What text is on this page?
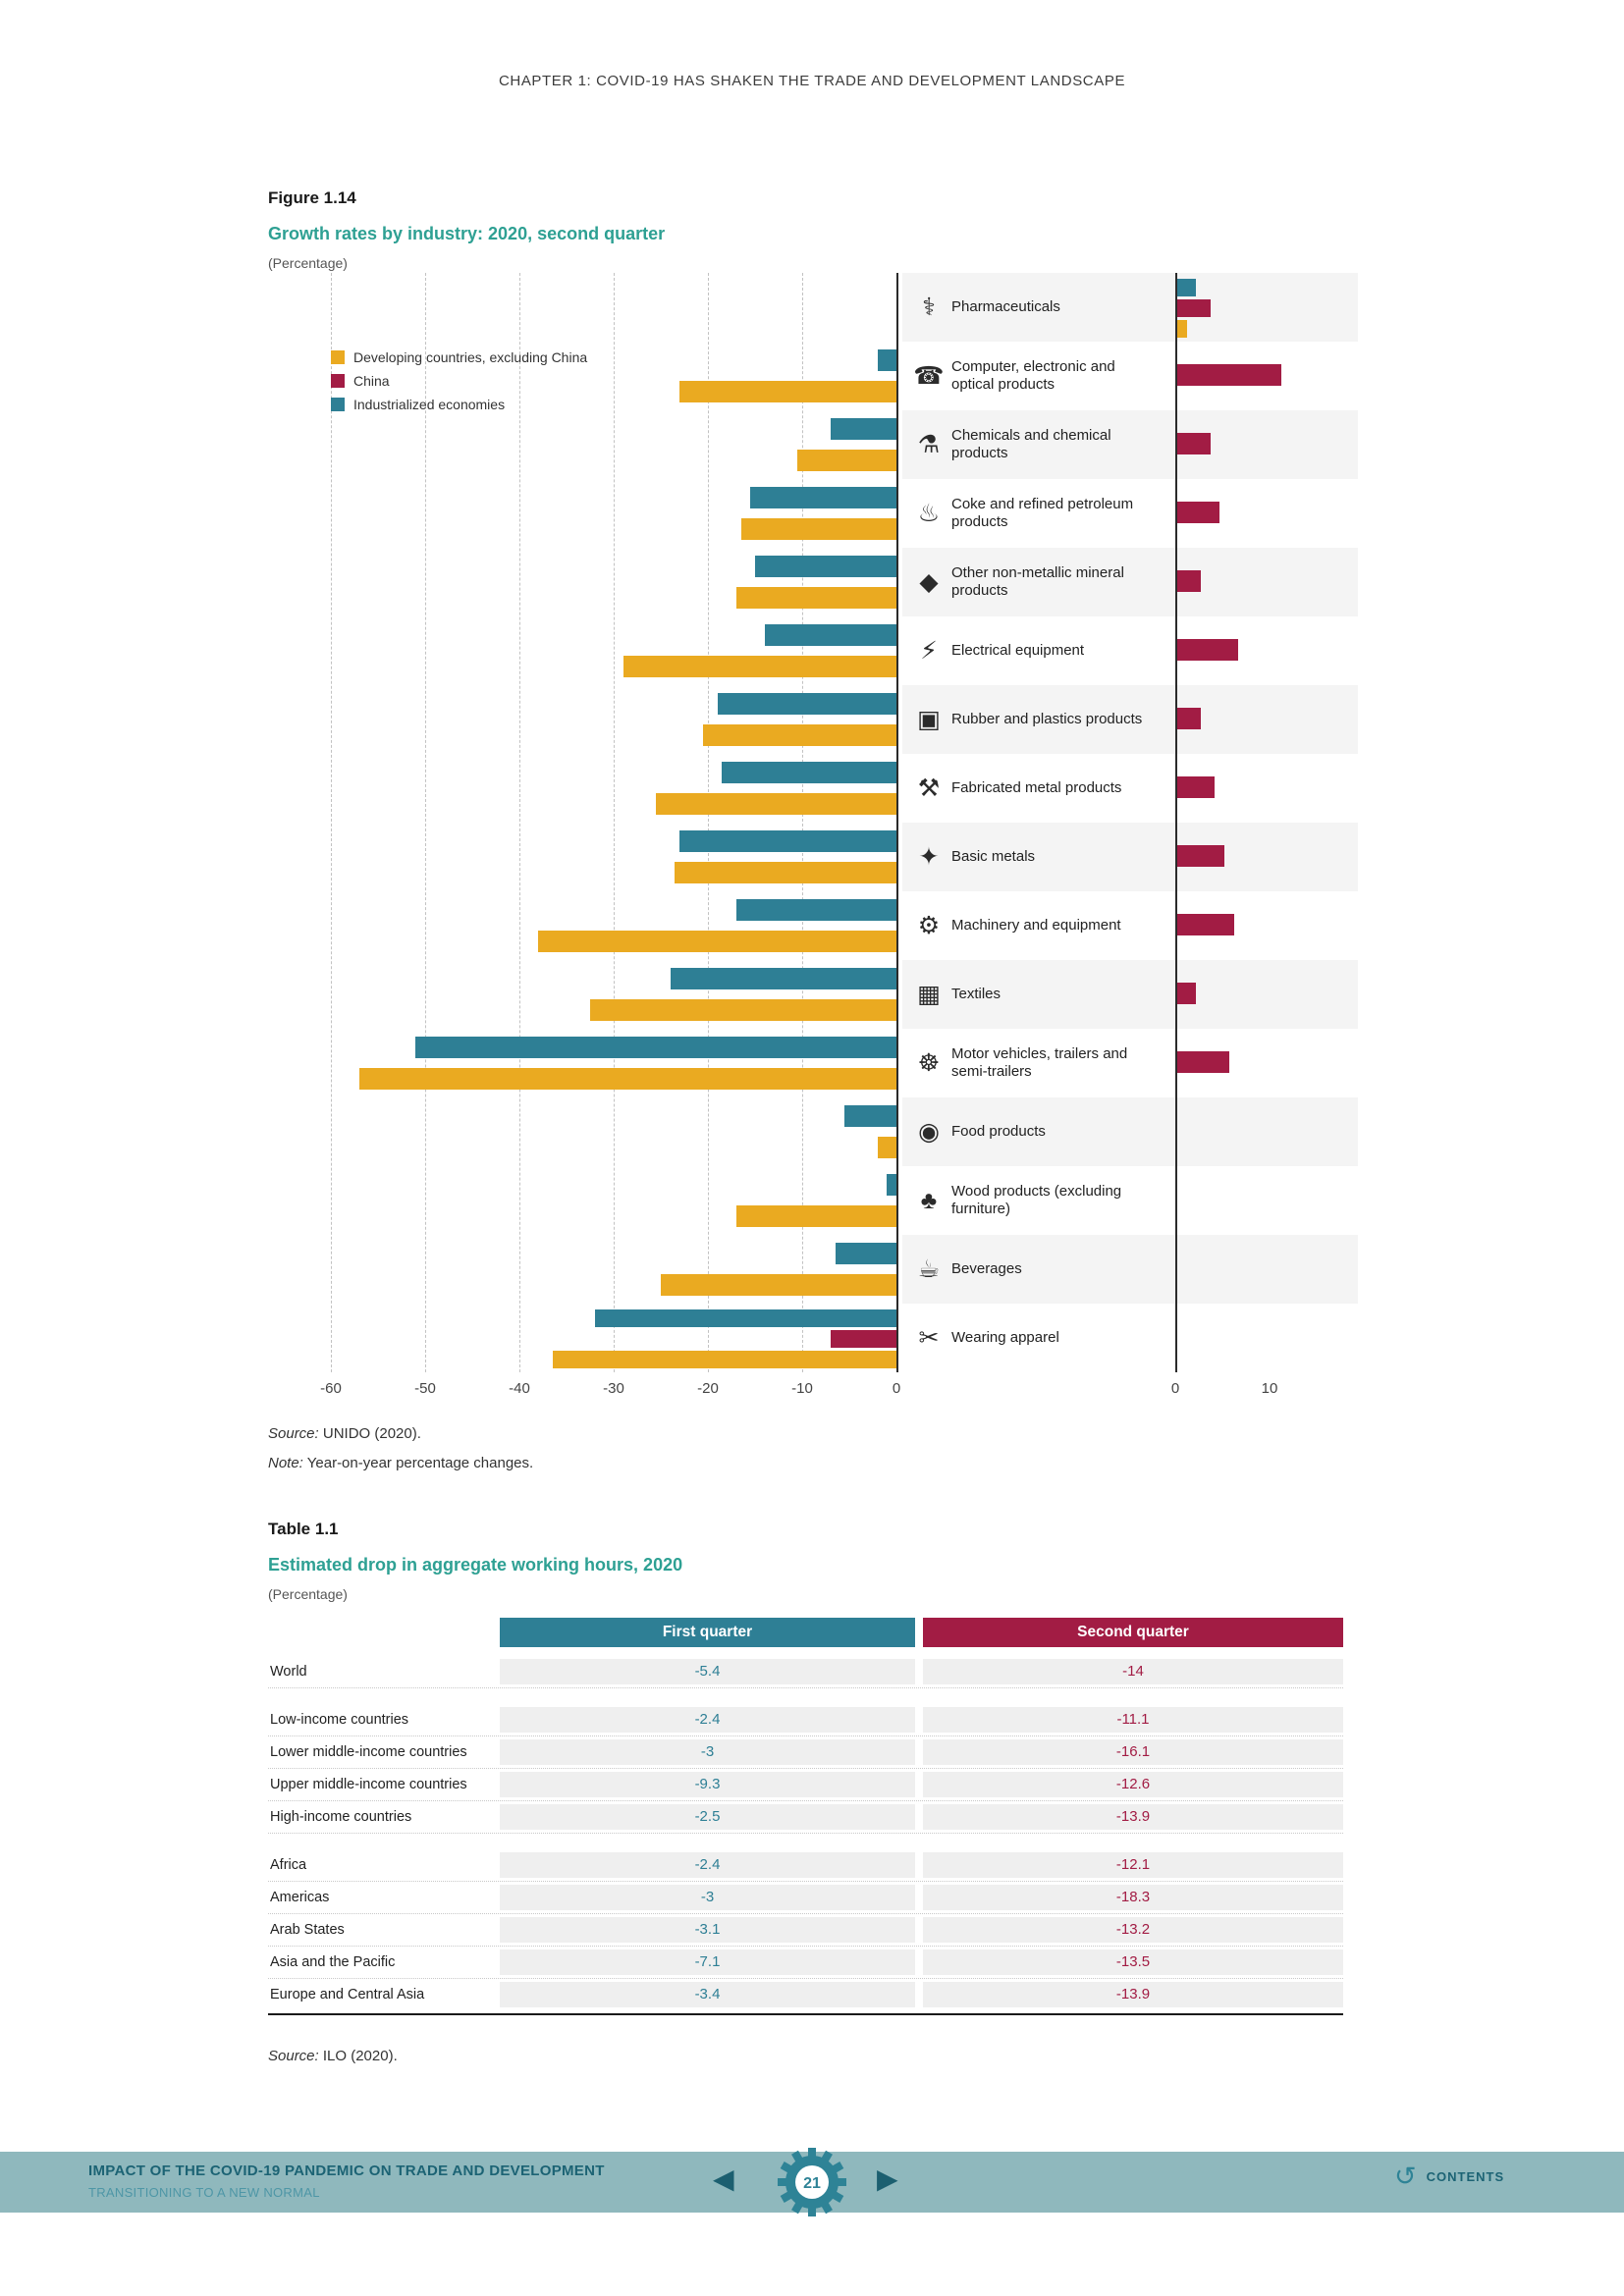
CHAPTER 1: COVID-19 HAS SHAKEN THE TRADE AND DEVELOPMENT LANDSCAPE
Figure 1.14
Growth rates by industry: 2020, second quarter
(Percentage)
Developing countries, excluding China
China
Industrialized economies
⚕	Pharmaceuticals
☎ Computer, electronic and optical products
⚗ Chemicals and chemical products
♨ Coke and refined petroleum products
◆ Other non-metallic mineral products
⚡ Electrical equipment
▣ Rubber and plastics products
⚒ Fabricated metal products
✦ Basic metals
⚙ Machinery and equipment
▦ Textiles
☸ Motor vehicles, trailers and semi-trailers
◉ Food products
♣ Wood products (excluding furniture)
☕ Beverages
✂ Wearing apparel
-60	-50	-40	-30	-20	-10	0	0	10
Source: UNIDO (2020).
Note: Year-on-year percentage changes.
Table 1.1
Estimated drop in aggregate working hours, 2020
(Percentage)
First quarter	Second quarter
World	-5.4	-14
Low-income countries	-2.4	-11.1
Lower middle-income countries	-3	-16.1
Upper middle-income countries	-9.3	-12.6
High-income countries	-2.5	-13.9
Africa	-2.4	-12.1
Americas	-3	-18.3
Arab States	-3.1	-13.2
Asia and the Pacific	-7.1	-13.5
Europe and Central Asia	-3.4	-13.9
Source: ILO (2020).
IMPACT OF THE COVID-19 PANDEMIC ON TRADE AND DEVELOPMENT
TRANSITIONING TO A NEW NORMAL	◀	▶
21	↺ CONTENTS
